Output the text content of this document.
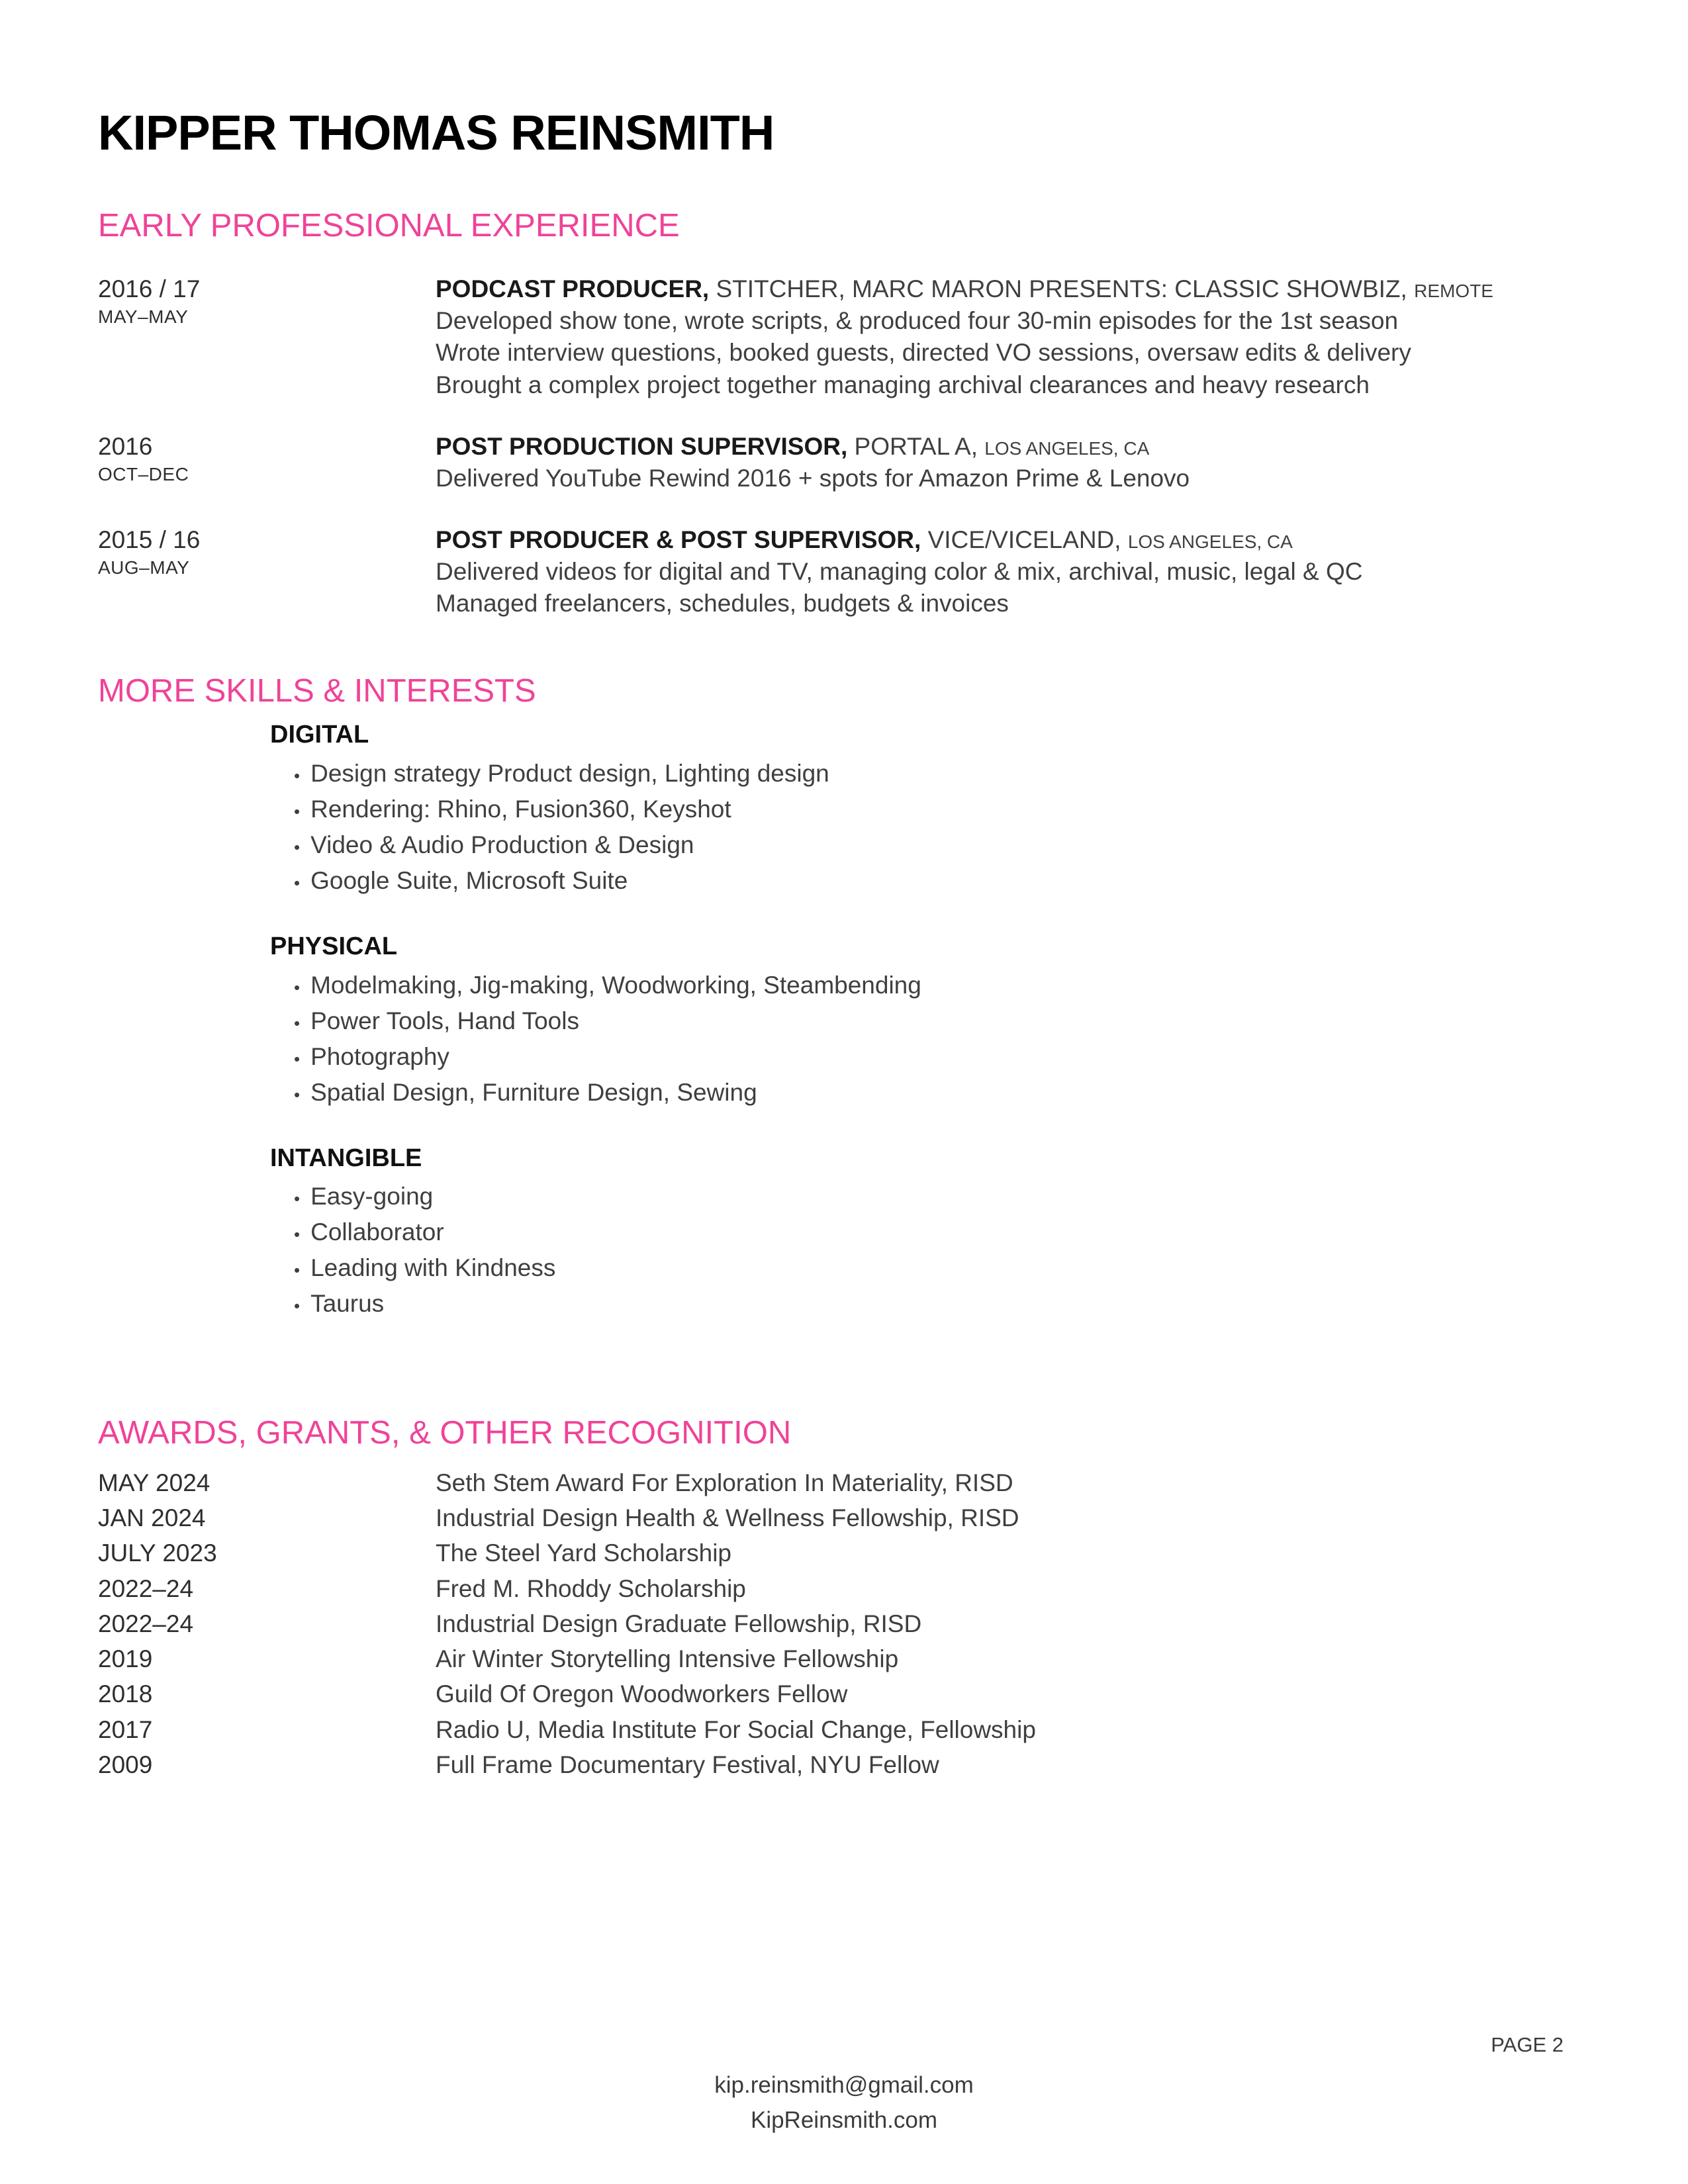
KIPPER THOMAS REINSMITH
EARLY PROFESSIONAL EXPERIENCE
2016 / 17
MAY–MAY
PODCAST PRODUCER, STITCHER, MARC MARON PRESENTS: CLASSIC SHOWBIZ, REMOTE
Developed show tone, wrote scripts, & produced four 30-min episodes for the 1st season
Wrote interview questions, booked guests, directed VO sessions, oversaw edits & delivery
Brought a complex project together managing archival clearances and heavy research
2016
OCT–DEC
POST PRODUCTION SUPERVISOR, PORTAL A, LOS ANGELES, CA
Delivered YouTube Rewind 2016 + spots for Amazon Prime & Lenovo
2015 / 16
AUG–MAY
POST PRODUCER & POST SUPERVISOR, VICE/VICELAND, LOS ANGELES, CA
Delivered videos for digital and TV, managing color & mix, archival, music, legal & QC
Managed freelancers, schedules, budgets & invoices
MORE SKILLS & INTERESTS
DIGITAL
• Design strategy Product design, Lighting design
• Rendering: Rhino, Fusion360, Keyshot
• Video & Audio Production & Design
• Google Suite, Microsoft Suite
PHYSICAL
• Modelmaking, Jig-making, Woodworking, Steambending
• Power Tools, Hand Tools
• Photography
• Spatial Design, Furniture Design, Sewing
INTANGIBLE
• Easy-going
• Collaborator
• Leading with Kindness
• Taurus
AWARDS, GRANTS, & OTHER RECOGNITION
MAY 2024	Seth Stem Award For Exploration In Materiality, RISD
JAN 2024	Industrial Design Health & Wellness Fellowship, RISD
JULY 2023	The Steel Yard Scholarship
2022–24	Fred M. Rhoddy Scholarship
2022–24	Industrial Design Graduate Fellowship, RISD
2019	Air Winter Storytelling Intensive Fellowship
2018	Guild Of Oregon Woodworkers Fellow
2017	Radio U, Media Institute For Social Change, Fellowship
2009	Full Frame Documentary Festival, NYU Fellow
PAGE 2
kip.reinsmith@gmail.com
KipReinsmith.com
